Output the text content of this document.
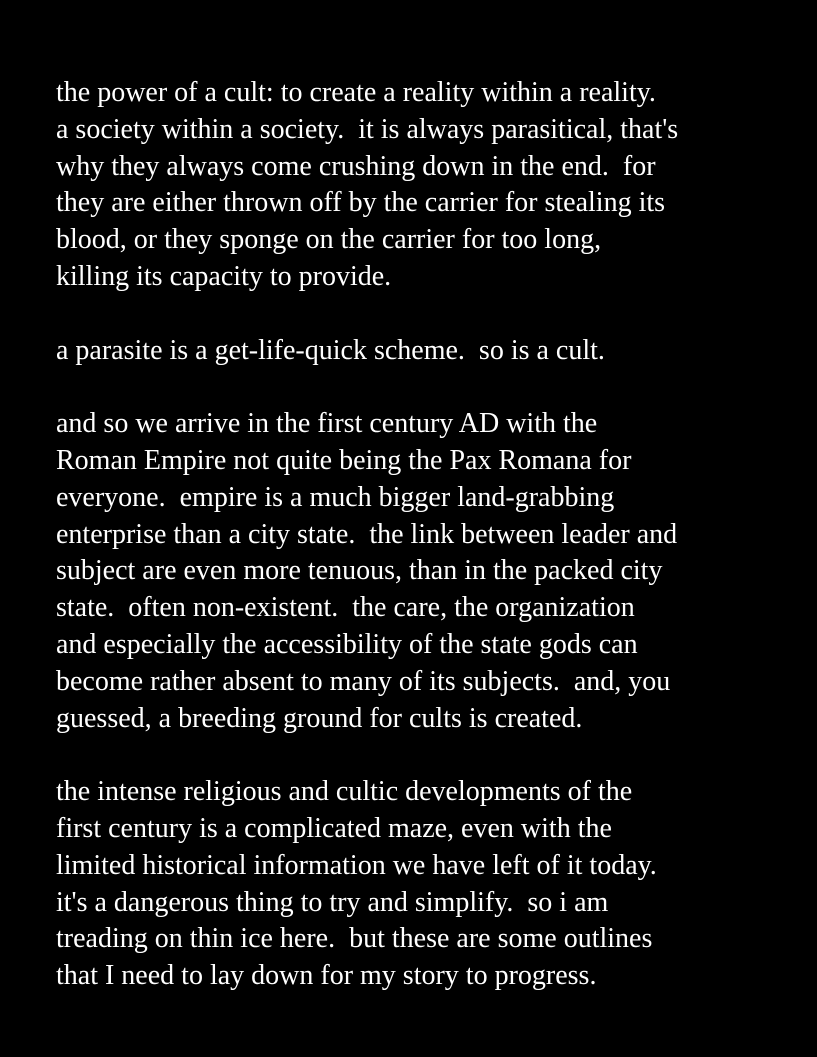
the power of a cult: to create a reality within a reality.
a society within a society.  it is always parasitical, that's
why they always come crushing down in the end.  for
they are either thrown off by the carrier for stealing its
blood, or they sponge on the carrier for too long,
killing its capacity to provide.
a parasite is a get-life-quick scheme.  so is a cult.
and so we arrive in the first century AD with the
Roman Empire not quite being the Pax Romana for
everyone.  empire is a much bigger land-grabbing
enterprise than a city state.  the link between leader and
subject are even more tenuous, than in the packed city
state.  often non-existent.  the care, the organization
and especially the accessibility of the state gods can
become rather absent to many of its subjects.  and, you
guessed, a breeding ground for cults is created.
the intense religious and cultic developments of the
first century is a complicated maze, even with the
limited historical information we have left of it today.
it's a dangerous thing to try and simplify.  so i am
treading on thin ice here.  but these are some outlines
that I need to lay down for my story to progress.
